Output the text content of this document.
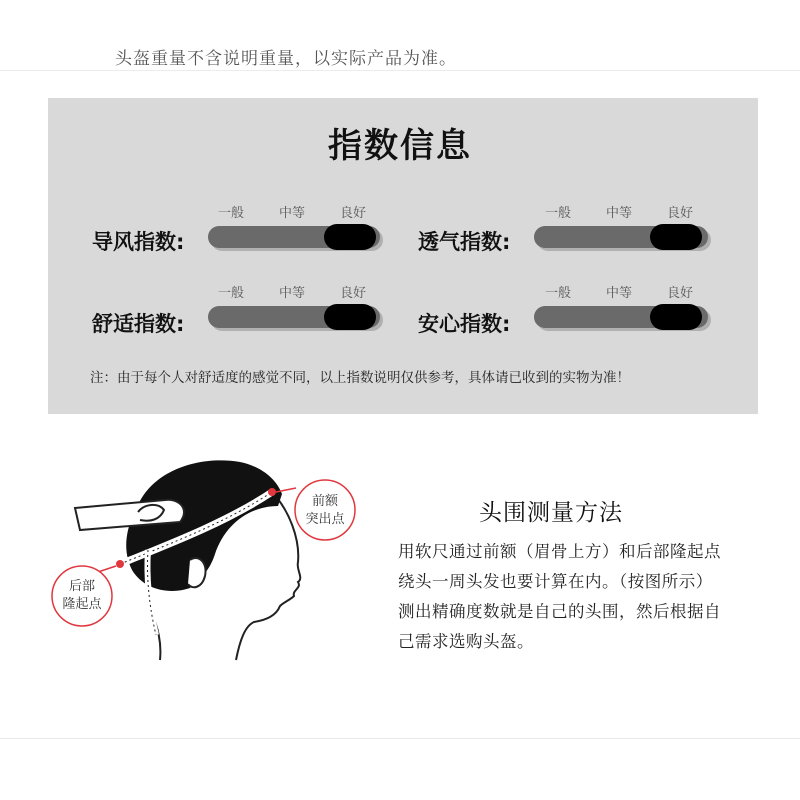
头盔重量不含说明重量，以实际产品为准。
指数信息
一般	中等	良好
导风指数:
一般	中等	良好
透气指数:
一般	中等	良好
舒适指数:
一般	中等	良好
安心指数:
注：由于每个人对舒适度的感觉不同，以上指数说明仅供参考，具体请已收到的实物为准！
前额
突出点
后部
隆起点
头围测量方法
用软尺通过前额（眉骨上方）和后部隆起点
绕头一周头发也要计算在内。（按图所示）
测出精确度数就是自己的头围，然后根据自
己需求选购头盔。
